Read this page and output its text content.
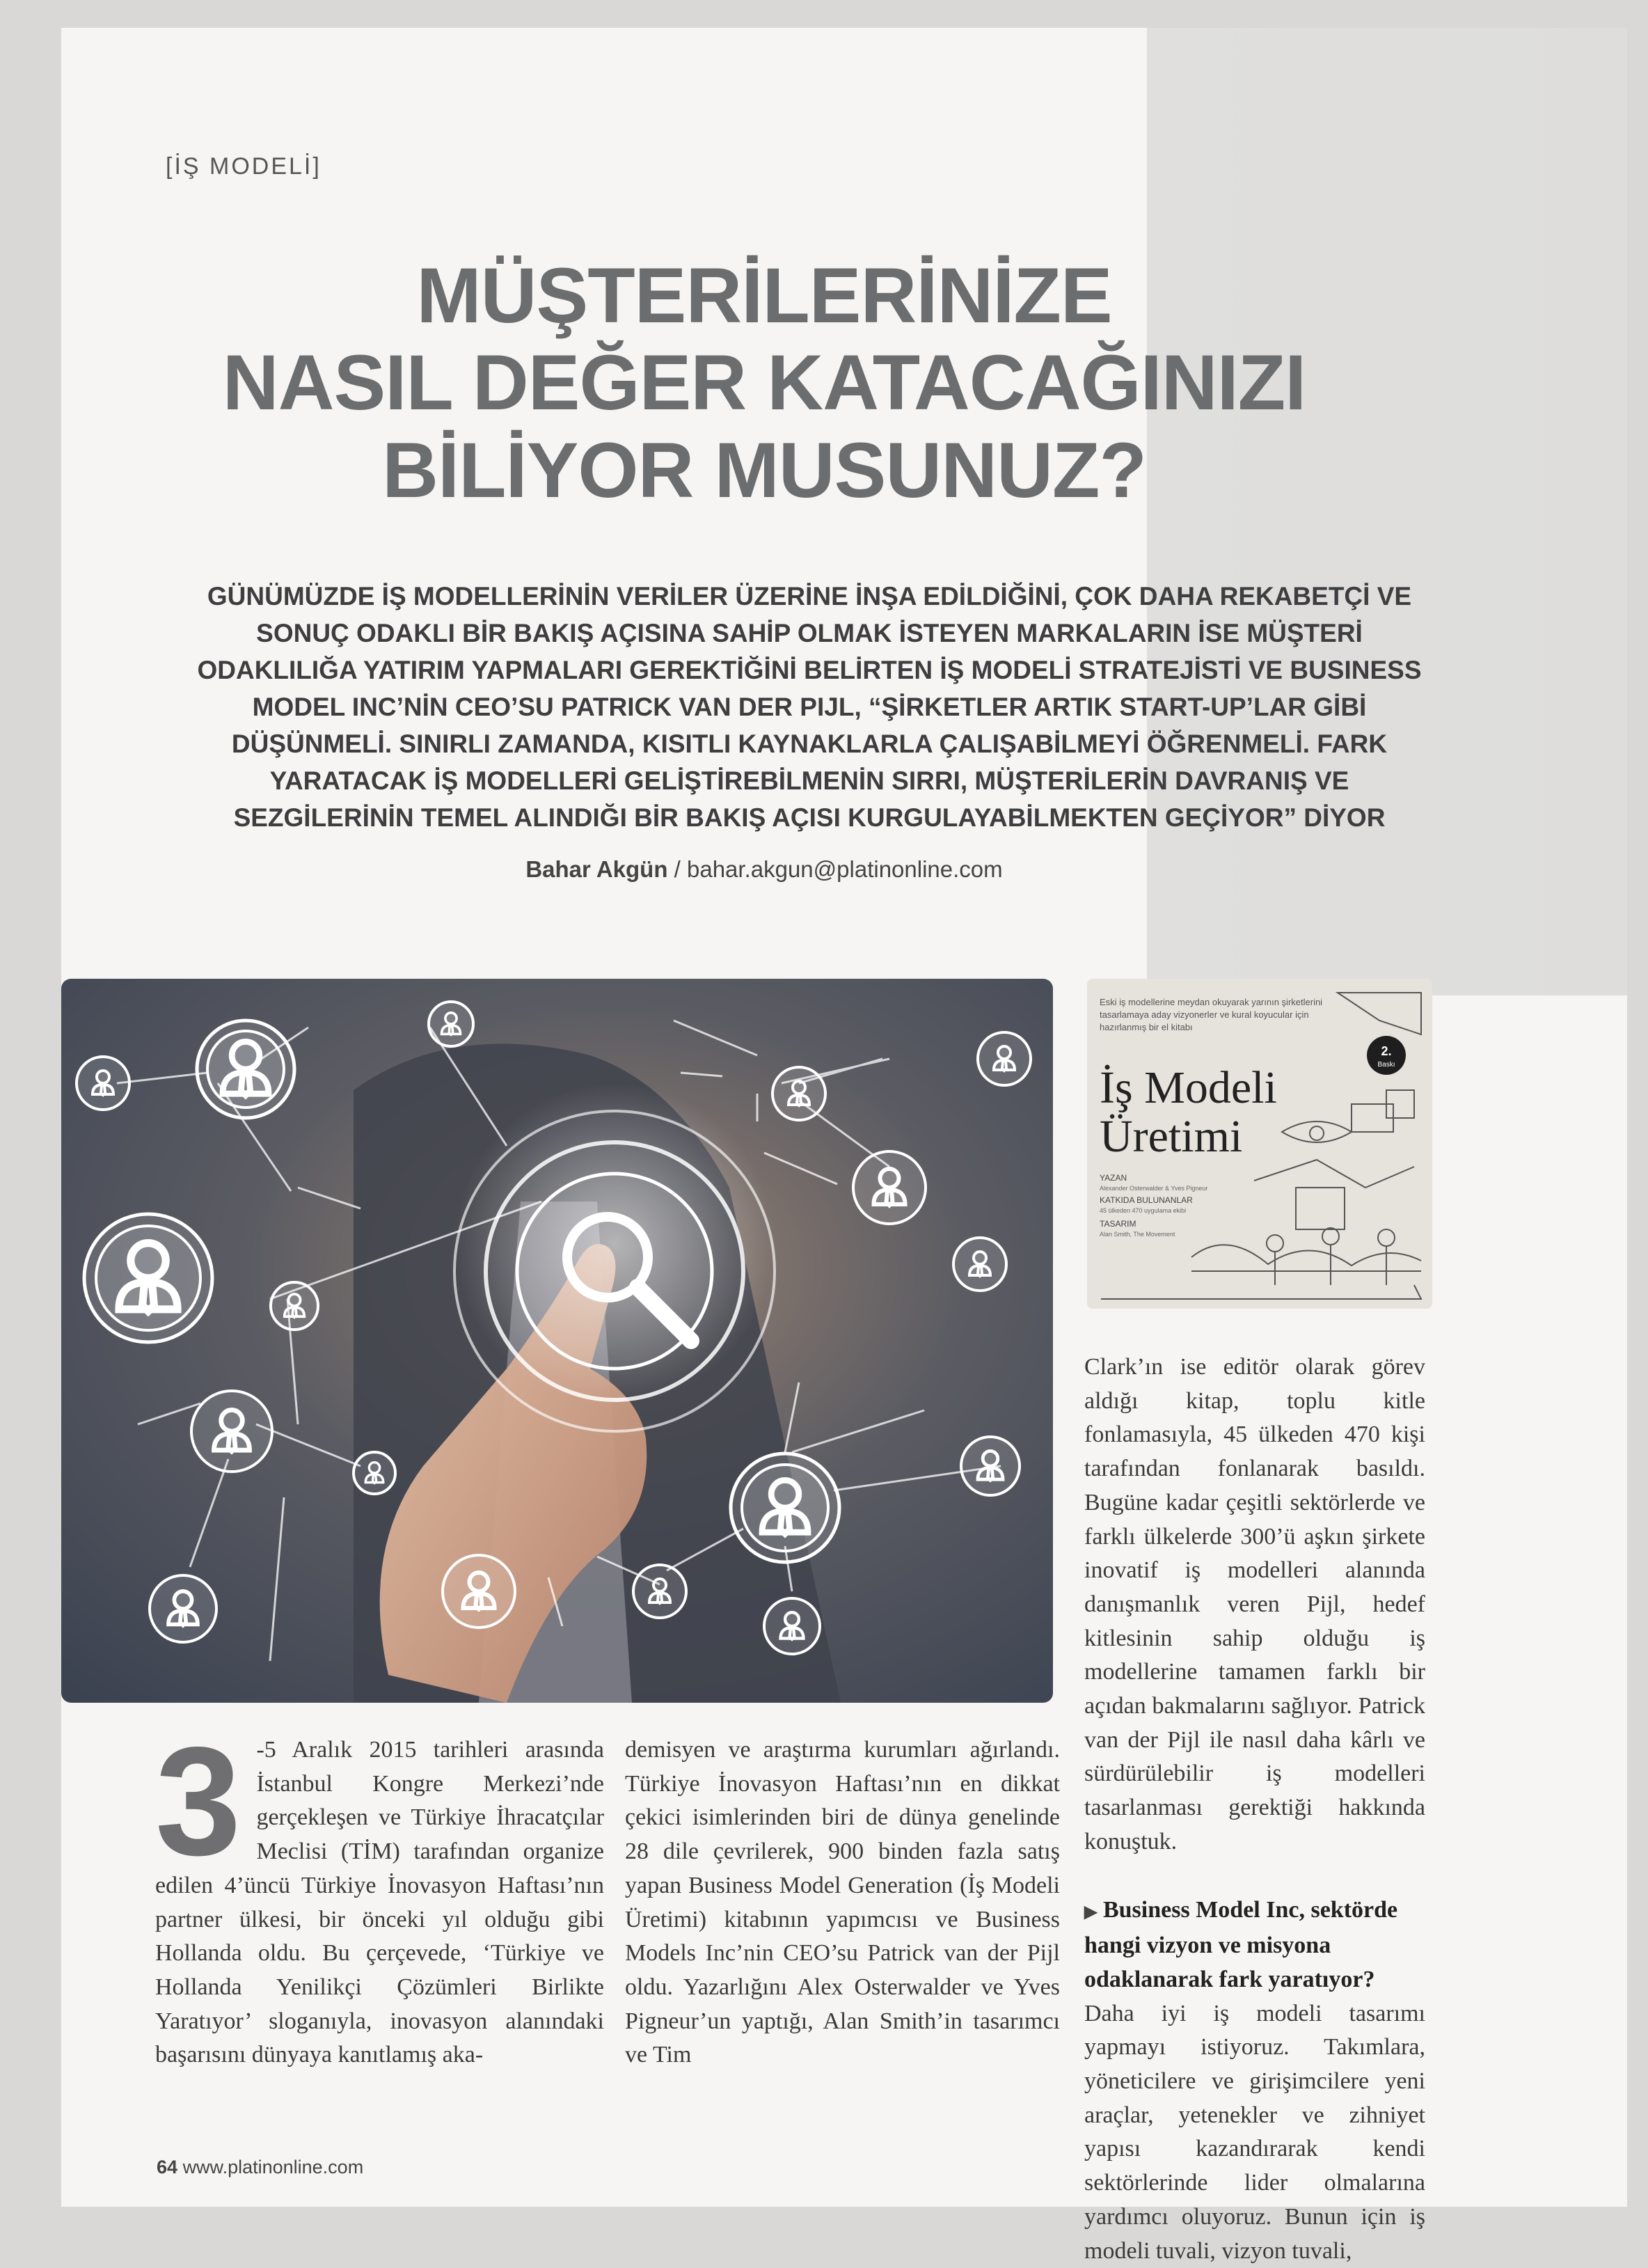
[İŞ MODELİ]
MÜŞTERİLERİNİZE
NASIL DEĞER KATACAĞINIZI
BİLİYOR MUSUNUZ?

GÜNÜMÜZDE İŞ MODELLERİNİN VERİLER ÜZERİNE İNŞA EDİLDİĞİNİ, ÇOK DAHA REKABETÇİ VE
SONUÇ ODAKLI BİR BAKIŞ AÇISINA SAHİP OLMAK İSTEYEN MARKALARIN İSE MÜŞTERİ
ODAKLILIĞA YATIRIM YAPMALARI GEREKTİĞİNİ BELİRTEN İŞ MODELİ STRATEJİSTİ VE BUSINESS
MODEL INC’NİN CEO’SU PATRICK VAN DER PIJL, “ŞİRKETLER ARTIK START-UP’LAR GİBİ
DÜŞÜNMELİ. SINIRLI ZAMANDA, KISITLI KAYNAKLARLA ÇALIŞABİLMEYİ ÖĞRENMELİ. FARK
YARATACAK İŞ MODELLERİ GELİŞTİREBİLMENİN SIRRI, MÜŞTERİLERİN DAVRANIŞ VE
SEZGİLERİNİN TEMEL ALINDIĞI BİR BAKIŞ AÇISI KURGULAYABİLMEKTEN GEÇİYOR” DİYOR

Bahar Akgün / bahar.akgun@platinonline.com
Eski iş modellerine meydan okuyarak yarının şirketlerini
tasarlamaya aday vizyonerler ve kural koyucular için
hazırlanmış bir el kitabı
İş Modeli
Üretimi
2.
Baskı
YAZAN
Alexander Osterwalder & Yves Pigneur
KATKIDA BULUNANLAR
45 ülkeden 470 uygulama ekibi
TASARIM
Alan Smith, The Movement

3 -5 Aralık 2015 tarihleri arasında İstanbul Kongre Merkezi’nde gerçekleşen ve Türkiye İhracatçılar Meclisi (TİM) tarafından organize edilen 4’üncü Türkiye İnovasyon Haftası’nın partner ülkesi, bir önceki yıl olduğu gibi Hollanda oldu. Bu çerçevede, ‘Türkiye ve Hollanda Yenilikçi Çözümleri Birlikte Yaratıyor’ sloganıyla, inovasyon alanındaki başarısını dünyaya kanıtlamış aka-

demisyen ve araştırma kurumları ağırlandı. Türkiye İnovasyon Haftası’nın en dikkat çekici isimlerinden biri de dünya genelinde 28 dile çevrilerek, 900 binden fazla satış yapan Business Model Generation (İş Modeli Üretimi) kitabının yapımcısı ve Business Models Inc’nin CEO’su Patrick van der Pijl oldu. Yazarlığını Alex Osterwalder ve Yves Pigneur’un yaptığı, Alan Smith’in tasarımcı ve Tim

Clark’ın ise editör olarak görev aldığı kitap, toplu kitle fonlamasıyla, 45 ülkeden 470 kişi tarafından fonlanarak basıldı. Bugüne kadar çeşitli sektörlerde ve farklı ülkelerde 300’ü aşkın şirkete inovatif iş modelleri alanında danışmanlık veren Pijl, hedef kitlesinin sahip olduğu iş modellerine tamamen farklı bir açıdan bakmalarını sağlıyor. Patrick van der Pijl ile nasıl daha kârlı ve sürdürülebilir iş modelleri tasarlanması gerektiği hakkında konuştuk.
▶ Business Model Inc, sektörde hangi vizyon ve misyona odaklanarak fark yaratıyor?
Daha iyi iş modeli tasarımı yapmayı istiyoruz. Takımlara, yöneticilere ve girişimcilere yeni araçlar, yetenekler ve zihniyet yapısı kazandırarak kendi sektörlerinde lider olmalarına yardımcı oluyoruz. Bunun için iş modeli tuvali, vizyon tuvali,
64 www.platinonline.com
